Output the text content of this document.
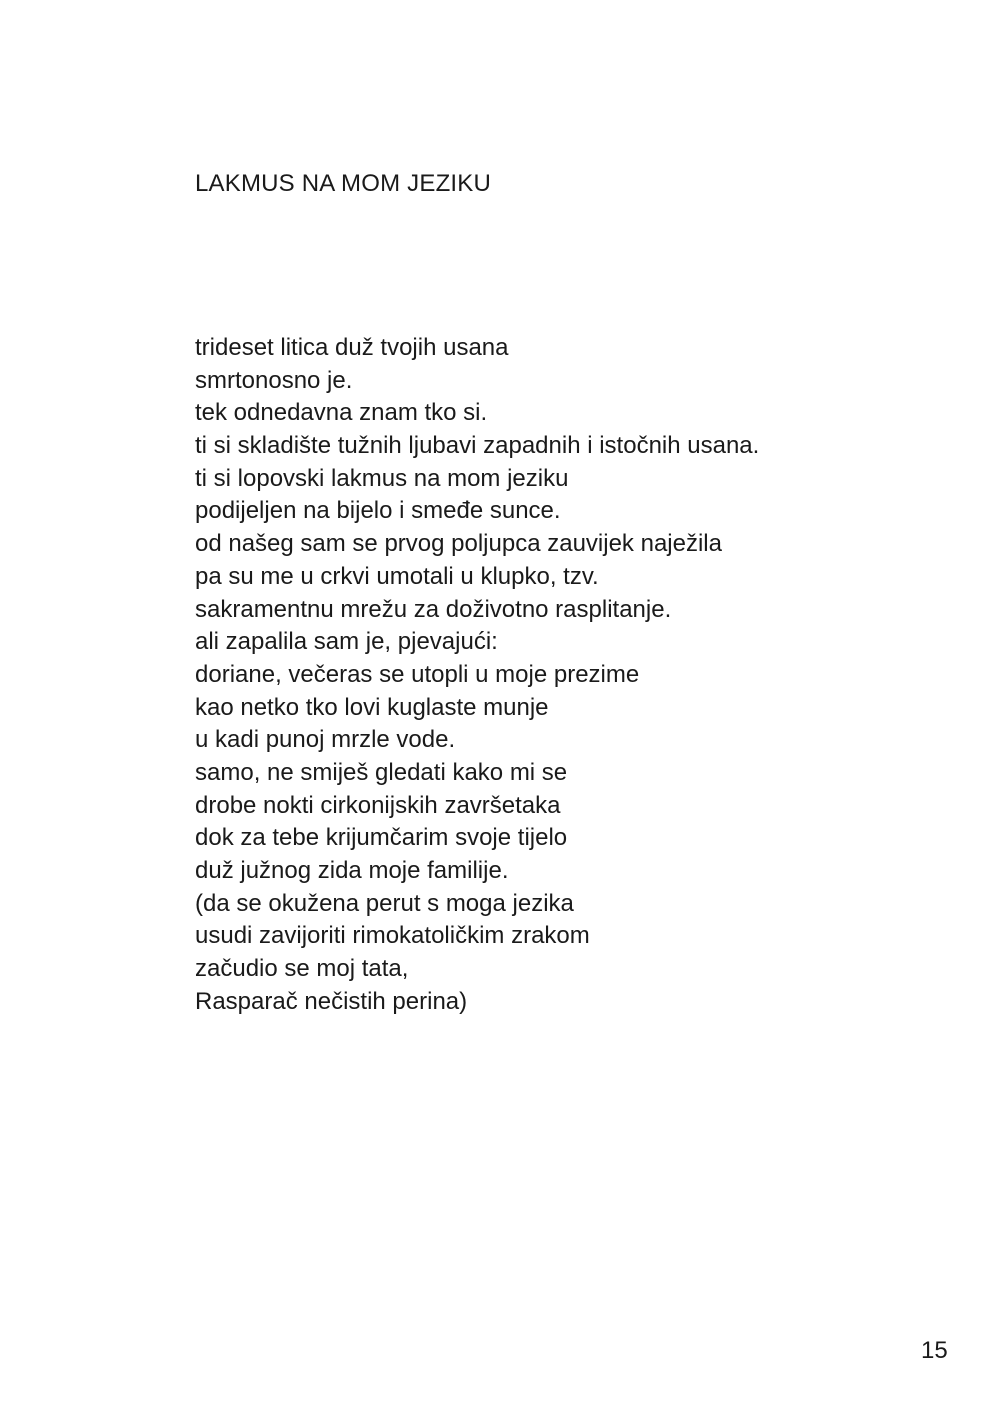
LAKMUS NA MOM JEZIKU
trideset litica duž tvojih usana
smrtonosno je.
tek odnedavna znam tko si.
ti si skladište tužnih ljubavi zapadnih i istočnih usana.
ti si lopovski lakmus na mom jeziku
podijeljen na bijelo i smeđe sunce.
od našeg sam se prvog poljupca zauvijek naježila
pa su me u crkvi umotali u klupko, tzv.
sakramentnu mrežu za doživotno rasplitanje.
ali zapalila sam je, pjevajući:
doriane, večeras se utopli u moje prezime
kao netko tko lovi kuglaste munje
u kadi punoj mrzle vode.
samo, ne smiješ gledati kako mi se
drobe nokti cirkonijskih završetaka
dok za tebe krijumčarim svoje tijelo
duž južnog zida moje familije.
(da se okužena perut s moga jezika
usudi zavijoriti rimokatoličkim zrakom
začudio se moj tata,
Rasparač nečistih perina)
15
